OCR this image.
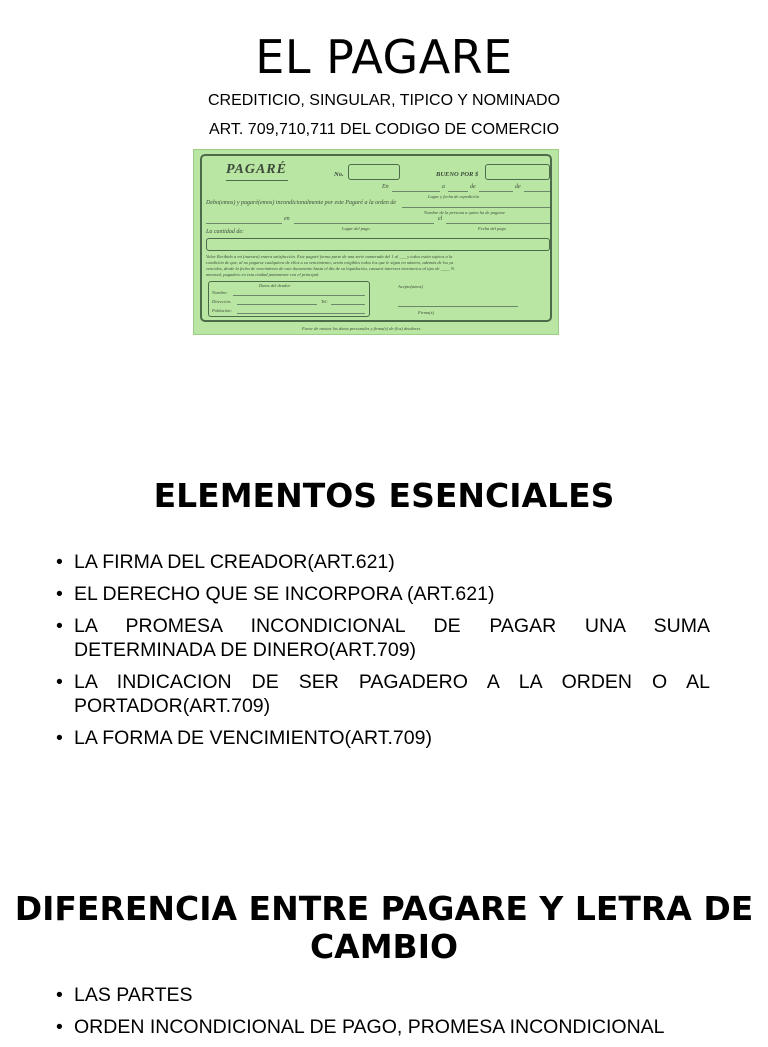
EL PAGARE
CREDITICIO, SINGULAR, TIPICO Y NOMINADO
ART. 709,710,711 DEL CODIGO DE COMERCIO
PAGARÉ	No.	BUENO POR $
En	a	de	de
Lugar y fecha de expedición
Debo(emos) y pagaré(emos) incondicionalmente por este Pagaré a la orden de
Nombre de la persona a quien ha de pagarse
en	el
Lugar del pago	Fecha del pago
La cantidad de:
Valor Recibido a mi (nuestra) entera satisfacción. Este pagaré forma parte de una serie numerada del 1 al ___ y todos están sujetos a la
condición de que, al no pagarse cualquiera de ellos a su vencimiento, serán exigibles todos los que le sigan en número, además de los ya
vencidos, desde la fecha de vencimiento de este documento hasta el día de su liquidación, causará intereses moratorios al tipo de ____ %
mensual, pagadero en esta ciudad juntamente con el principal.
Datos del deudor
Nombre:
Dirección:	Tel:
Población:
Acepto(amos)
Firma(s)
Favor de anotar los datos personales y firma(s) de (los) deudores
ELEMENTOS ESENCIALES
• LA FIRMA DEL CREADOR(ART.621)
• EL DERECHO QUE SE INCORPORA (ART.621)
• LA PROMESA INCONDICIONAL DE PAGAR UNA SUMA DETERMINADA DE DINERO(ART.709)
• LA INDICACION DE SER PAGADERO A LA ORDEN O AL PORTADOR(ART.709)
• LA FORMA DE VENCIMIENTO(ART.709)
DIFERENCIA ENTRE PAGARE Y LETRA DE CAMBIO
• LAS PARTES
• ORDEN INCONDICIONAL DE PAGO, PROMESA INCONDICIONAL
